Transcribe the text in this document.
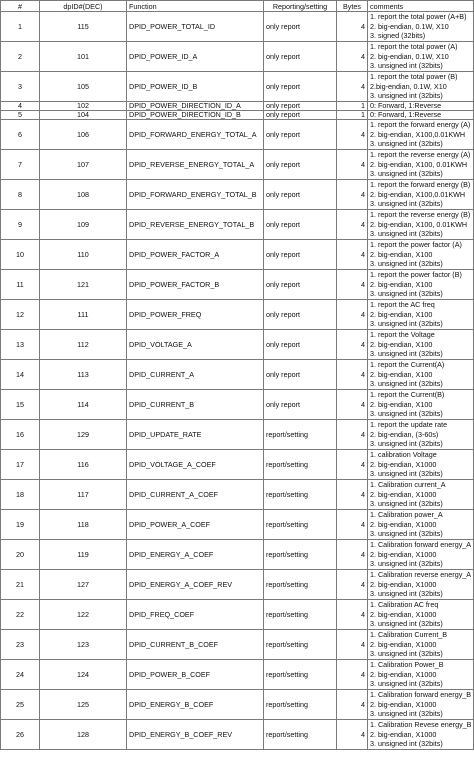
#	dpID#(DEC)	Function	Reporting/setting	Bytes	comments
1	115	DPID_POWER_TOTAL_ID	only report	4	1. report the total power (A+B)
2. big-endian, 0.1W, X10
3. signed (32bits)

2	101	DPID_POWER_ID_A	only report	4	1. report the total power (A)
2. big-endian, 0.1W, X10
3. unsigned int (32bits)

3	105	DPID_POWER_ID_B	only report	4	1. report the total power (B)
2.big-endian, 0.1W, X10
3. unsigned int (32bits)

4	102	DPID_POWER_DIRECTION_ID_A	only report	1	0: Forward, 1:Reverse

5	104	DPID_POWER_DIRECTION_ID_B	only report	1	0: Forward, 1:Reverse

6	106	DPID_FORWARD_ENERGY_TOTAL_A	only report	4	1. report the forward energy (A)
2. big-endian, X100,0.01KWH
3. unsigned int (32bits)

7	107	DPID_REVERSE_ENERGY_TOTAL_A	only report	4	1. report the reverse energy (A)
2. big-endian, X100, 0.01KWH
3. unsigned int (32bits)

8	108	DPID_FORWARD_ENERGY_TOTAL_B	only report	4	1. report the forward energy (B)
2. big-endian, X100,0.01KWH
3. unsigned int (32bits)

9	109	DPID_REVERSE_ENERGY_TOTAL_B	only report	4	1. report the reverse energy (B)
2. big-endian, X100, 0.01KWH
3. unsigned int (32bits)

10	110	DPID_POWER_FACTOR_A	only report	4	1. report the power factor (A)
2. big-endian, X100
3. unsigned int (32bits)

11	121	DPID_POWER_FACTOR_B	only report	4	1. report the power factor (B)
2. big-endian, X100
3. unsigned int (32bits)

12	111	DPID_POWER_FREQ	only report	4	1. report the AC freq
2. big-endian, X100
3. unsigned int (32bits)

13	112	DPID_VOLTAGE_A	only report	4	1. report the Voltage
2. big-endian, X100
3. unsigned int (32bits)

14	113	DPID_CURRENT_A	only report	4	1. report the Current(A)
2. big-endian, X100
3. unsigned int (32bits)

15	114	DPID_CURRENT_B	only report	4	1. report the Current(B)
2. big-endian, X100
3. unsigned int (32bits)

16	129	DPID_UPDATE_RATE	report/setting	4	1. report the update rate
2. big-endian, (3-60s)
3. unsigned int (32bits)

17	116	DPID_VOLTAGE_A_COEF	report/setting	4	1. calibration Voltage
2. big-endian, X1000
3. unsigned int (32bits)

18	117	DPID_CURRENT_A_COEF	report/setting	4	1. Calibration current_A
2. big-endian, X1000
3. unsigned int (32bits)

19	118	DPID_POWER_A_COEF	report/setting	4	1. Calibration power_A
2. big-endian, X1000
3. unsigned int (32bits)

20	119	DPID_ENERGY_A_COEF	report/setting	4	1. Calibration forward energy_A
2. big-endian, X1000
3. unsigned int (32bits)

21	127	DPID_ENERGY_A_COEF_REV	report/setting	4	1. Calibration reverse energy_A
2. big-endian, X1000
3. unsigned int (32bits)

22	122	DPID_FREQ_COEF	report/setting	4	1. Calibration AC freq
2. big-endian, X1000
3. unsigned int (32bits)

23	123	DPID_CURRENT_B_COEF	report/setting	4	1. Calibration Current_B
2. big-endian, X1000
3. unsigned int (32bits)

24	124	DPID_POWER_B_COEF	report/setting	4	1. Calibration Power_B
2. big-endian, X1000
3. unsigned int (32bits)

25	125	DPID_ENERGY_B_COEF	report/setting	4	1. Calibration forward energy_B
2. big-endian, X1000
3. unsigned int (32bits)

26	128	DPID_ENERGY_B_COEF_REV	report/setting	4	1. Calibration Revese energy_B
2. big-endian, X1000
3. unsigned int (32bits)
